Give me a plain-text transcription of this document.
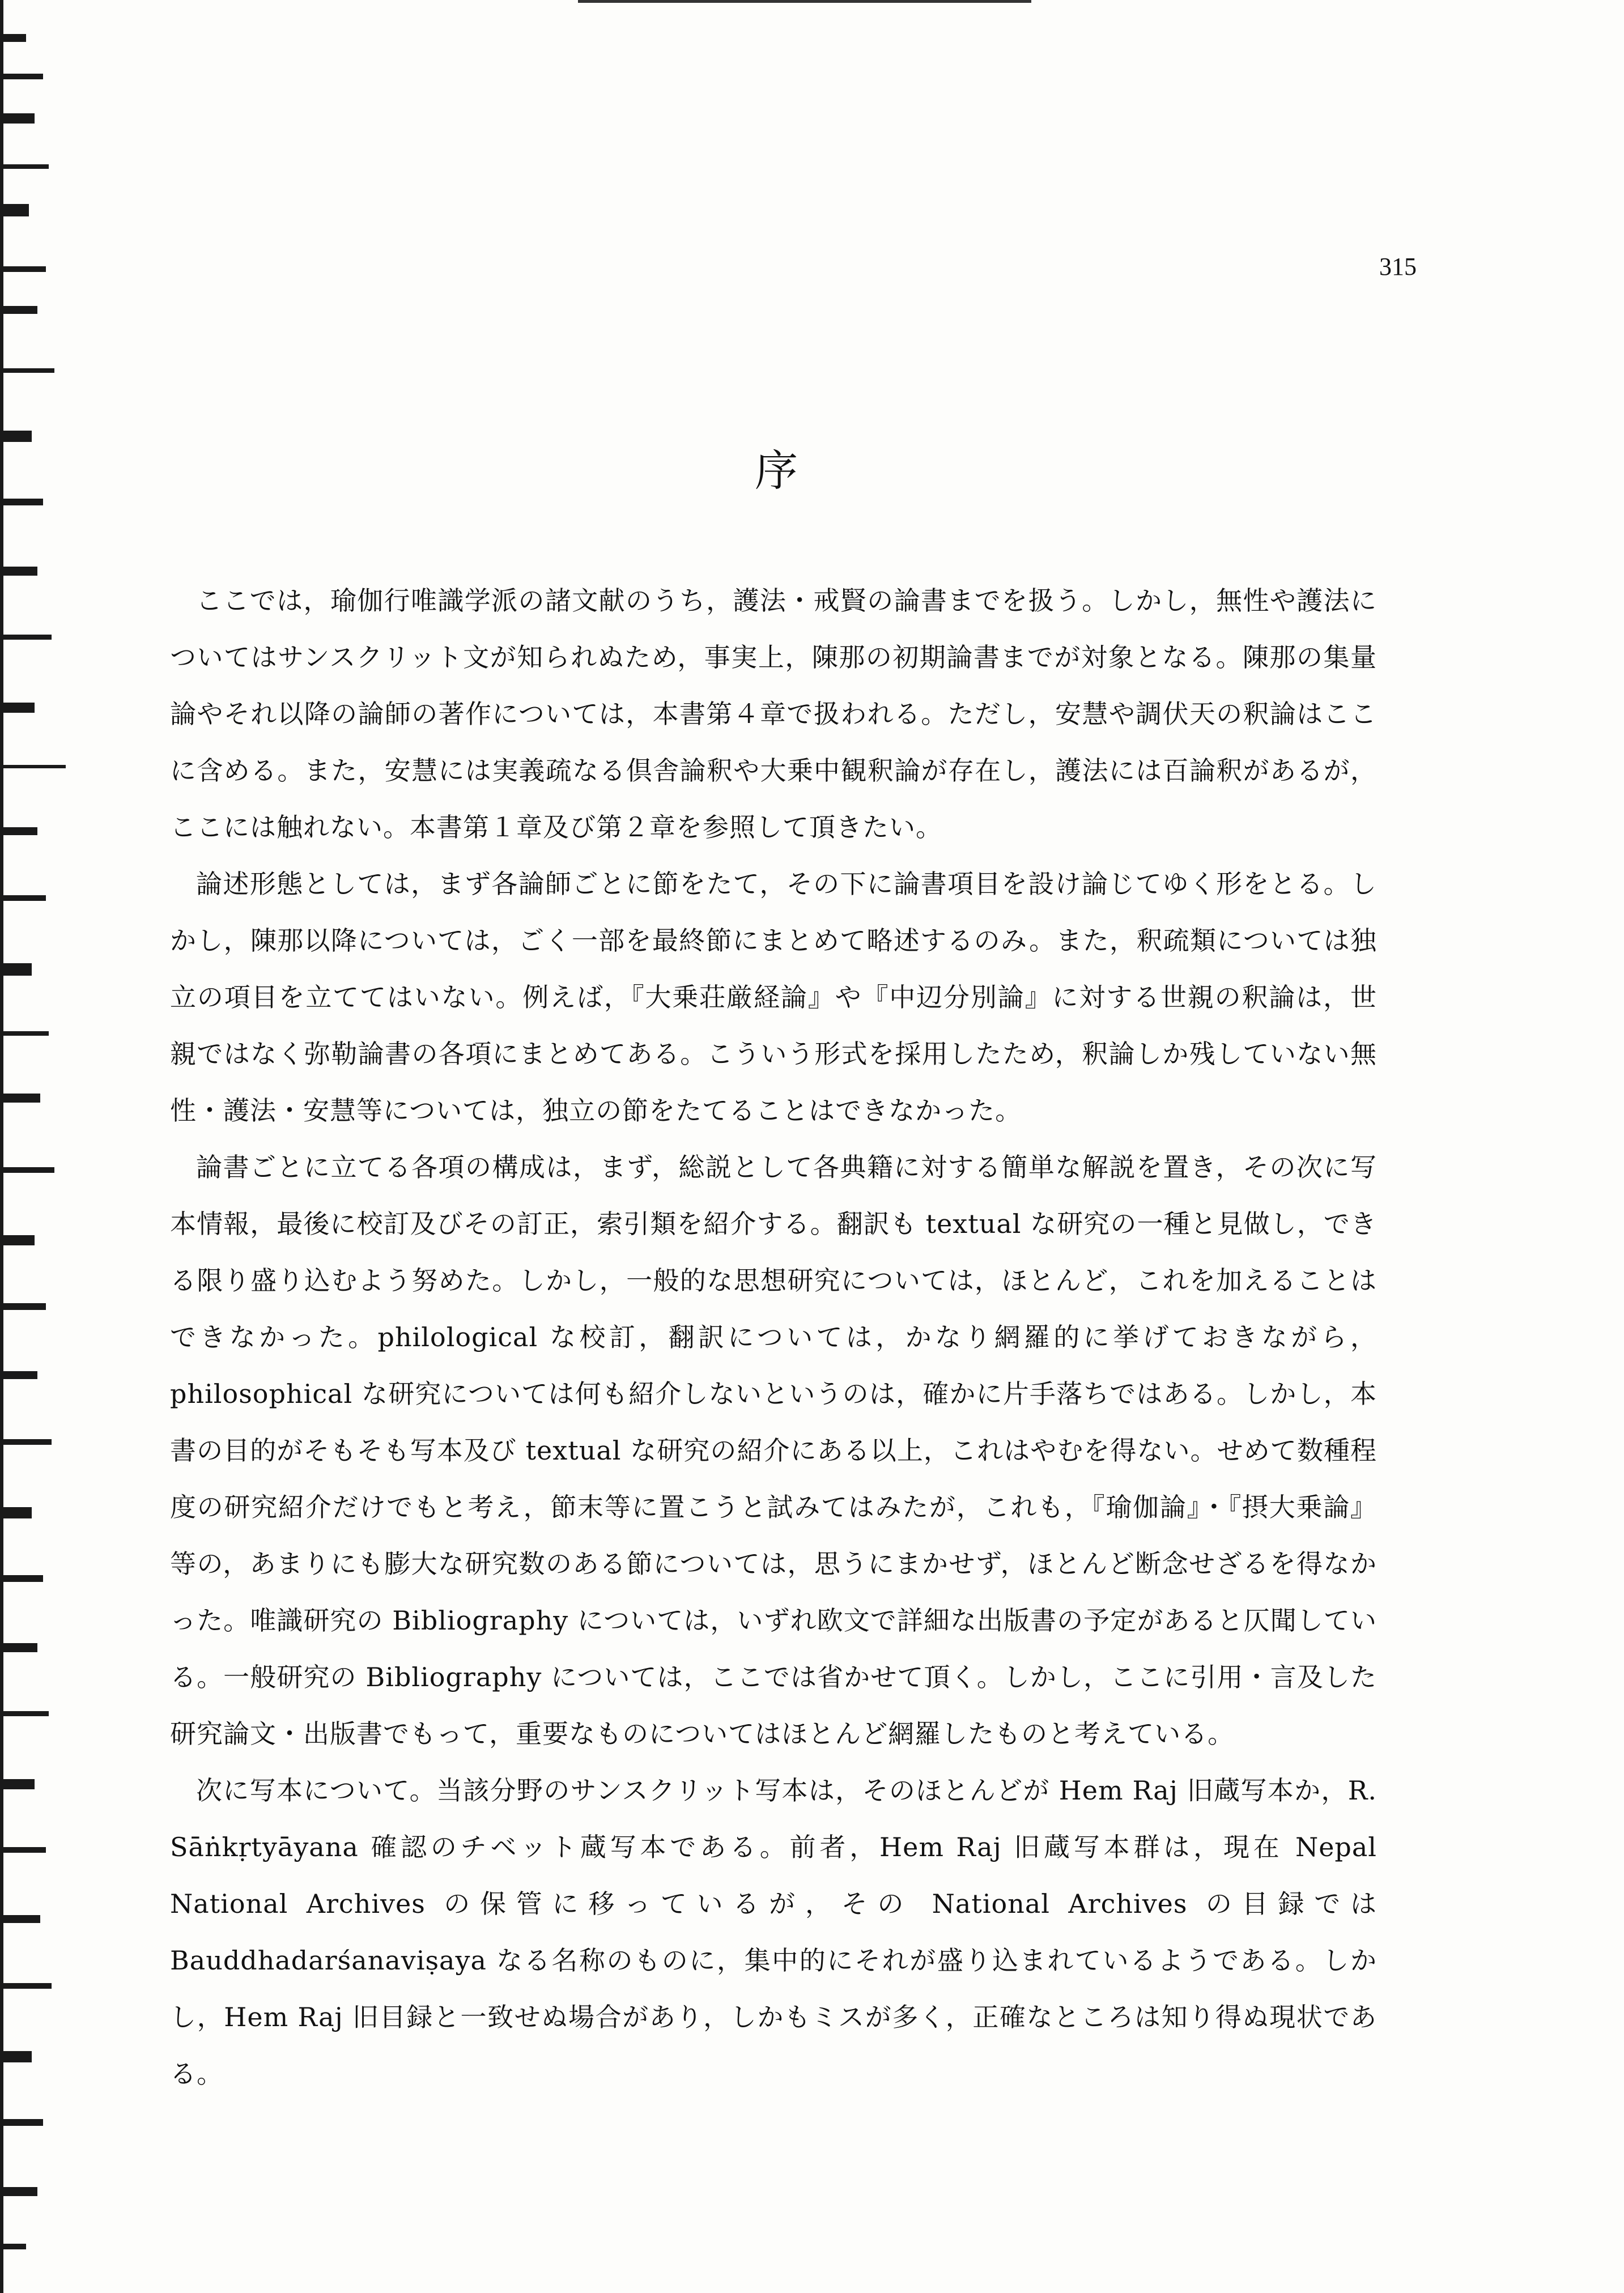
315
序

ここでは，瑜伽行唯識学派の諸文献のうち，護法・戒賢の論書までを扱う。しかし，無性や護法についてはサンスクリット文が知られぬため，事実上，陳那の初期論書までが対象となる。陳那の集量論やそれ以降の論師の著作については，本書第４章で扱われる。ただし，安慧や調伏天の釈論はここに含める。また，安慧には実義疏なる倶舎論釈や大乗中観釈論が存在し，護法には百論釈があるが，ここには触れない。本書第１章及び第２章を参照して頂きたい。

論述形態としては，まず各論師ごとに節をたて，その下に論書項目を設け論じてゆく形をとる。しかし，陳那以降については，ごく一部を最終節にまとめて略述するのみ。また，釈疏類については独立の項目を立ててはいない。例えば，『大乗荘厳経論』や『中辺分別論』に対する世親の釈論は，世親ではなく弥勒論書の各項にまとめてある。こういう形式を採用したため，釈論しか残していない無性・護法・安慧等については，独立の節をたてることはできなかった。

論書ごとに立てる各項の構成は，まず，総説として各典籍に対する簡単な解説を置き，その次に写本情報，最後に校訂及びその訂正，索引類を紹介する。翻訳も textual な研究の一種と見做し，できる限り盛り込むよう努めた。しかし，一般的な思想研究については，ほとんど，これを加えることはできなかった。philological な校訂，翻訳については，かなり網羅的に挙げておきながら，philosophical な研究については何も紹介しないというのは，確かに片手落ちではある。しかし，本書の目的がそもそも写本及び textual な研究の紹介にある以上，これはやむを得ない。せめて数種程度の研究紹介だけでもと考え，節末等に置こうと試みてはみたが，これも，『瑜伽論』・『摂大乗論』等の，あまりにも膨大な研究数のある節については，思うにまかせず，ほとんど断念せざるを得なかった。唯識研究の Bibliography については，いずれ欧文で詳細な出版書の予定があると仄聞している。一般研究の Bibliography については，ここでは省かせて頂く。しかし，ここに引用・言及した研究論文・出版書でもって，重要なものについてはほとんど網羅したものと考えている。

次に写本について。当該分野のサンスクリット写本は，そのほとんどが Hem Raj 旧蔵写本か，R. Sāṅkṛtyāyana 確認のチベット蔵写本である。前者，Hem Raj 旧蔵写本群は，現在 Nepal National Archives の保管に移っているが，その National Archives の目録では Bauddhadarśanaviṣaya なる名称のものに，集中的にそれが盛り込まれているようである。しかし，Hem Raj 旧目録と一致せぬ場合があり，しかもミスが多く，正確なところは知り得ぬ現状である。
